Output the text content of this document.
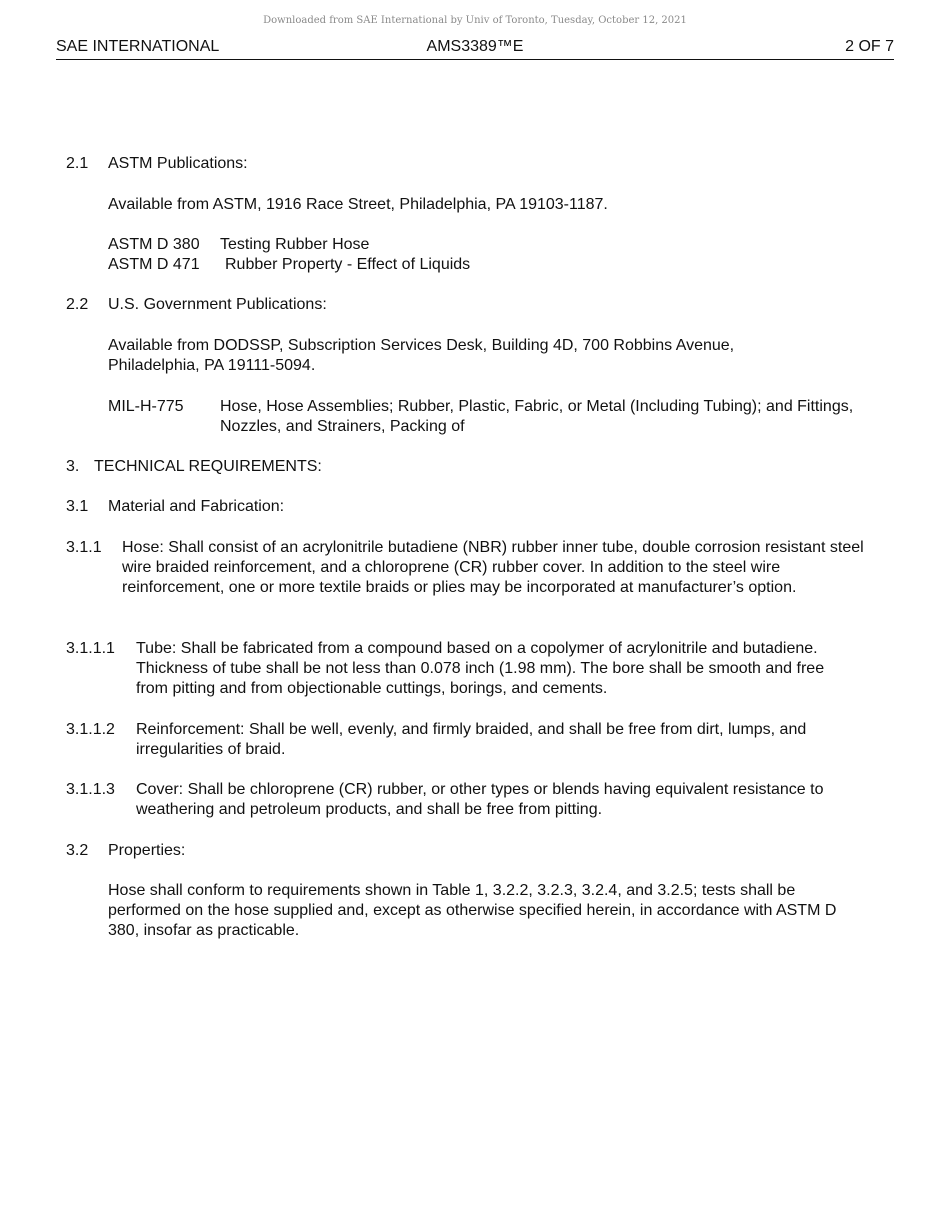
Downloaded from SAE International by Univ of Toronto, Tuesday, October 12, 2021
SAE INTERNATIONAL	AMS3389™E	2 OF 7
2.1 ASTM Publications:
Available from ASTM, 1916 Race Street, Philadelphia, PA 19103-1187.
ASTM D 380 Testing Rubber Hose
ASTM D 471 Rubber Property - Effect of Liquids
2.2 U.S. Government Publications:
Available from DODSSP, Subscription Services Desk, Building 4D, 700 Robbins Avenue, Philadelphia, PA 19111-5094.
MIL-H-775 Hose, Hose Assemblies; Rubber, Plastic, Fabric, or Metal (Including Tubing); and Fittings, Nozzles, and Strainers, Packing of
3. TECHNICAL REQUIREMENTS:
3.1 Material and Fabrication:
3.1.1 Hose: Shall consist of an acrylonitrile butadiene (NBR) rubber inner tube, double corrosion resistant steel wire braided reinforcement, and a chloroprene (CR) rubber cover. In addition to the steel wire reinforcement, one or more textile braids or plies may be incorporated at manufacturer’s option.
3.1.1.1 Tube: Shall be fabricated from a compound based on a copolymer of acrylonitrile and butadiene. Thickness of tube shall be not less than 0.078 inch (1.98 mm). The bore shall be smooth and free from pitting and from objectionable cuttings, borings, and cements.
3.1.1.2 Reinforcement: Shall be well, evenly, and firmly braided, and shall be free from dirt, lumps, and irregularities of braid.
3.1.1.3 Cover: Shall be chloroprene (CR) rubber, or other types or blends having equivalent resistance to weathering and petroleum products, and shall be free from pitting.
3.2 Properties:
Hose shall conform to requirements shown in Table 1, 3.2.2, 3.2.3, 3.2.4, and 3.2.5; tests shall be performed on the hose supplied and, except as otherwise specified herein, in accordance with ASTM D 380, insofar as practicable.
